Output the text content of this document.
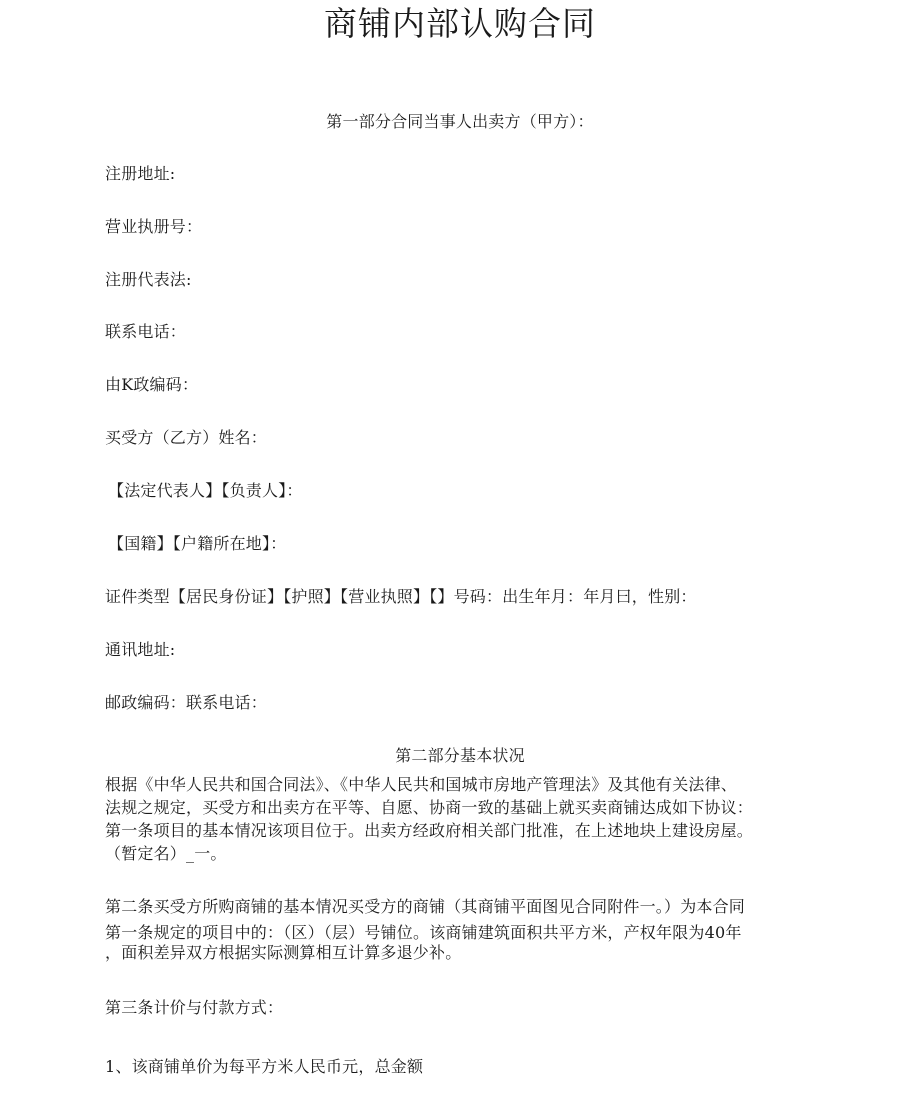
商铺内部认购合同
第一部分合同当事人出卖方（甲方）：
注册地址:
营业执册号：
注册代表法:
联系电话：
由K政编码：
买受方（乙方）姓名：
【法定代表人】【负责人】：
【国籍】【户籍所在地】：
证件类型【居民身份证】【护照】【营业执照】【】号码：出生年月：年月曰，性别：
通讯地址:
邮政编码：联系电话：
第二部分基本状况
根据《中华人民共和国合同法》、《中华人民共和国城市房地产管理法》及其他有关法律、
法规之规定，买受方和出卖方在平等、自愿、协商一致的基础上就买卖商铺达成如下协议：
第一条项目的基本情况该项目位于。出卖方经政府相关部门批准，在上述地块上建设房屋。
（暂定名）_一。
第二条买受方所购商铺的基本情况买受方的商铺（其商铺平面图见合同附件一。）为本合同
第一条规定的项目中的：（区）（层）号铺位。该商铺建筑面积共平方米，产权年限为40年
，面积差异双方根据实际测算相互计算多退少补。
第三条计价与付款方式：
1、该商铺单价为每平方米人民币元，总金额
